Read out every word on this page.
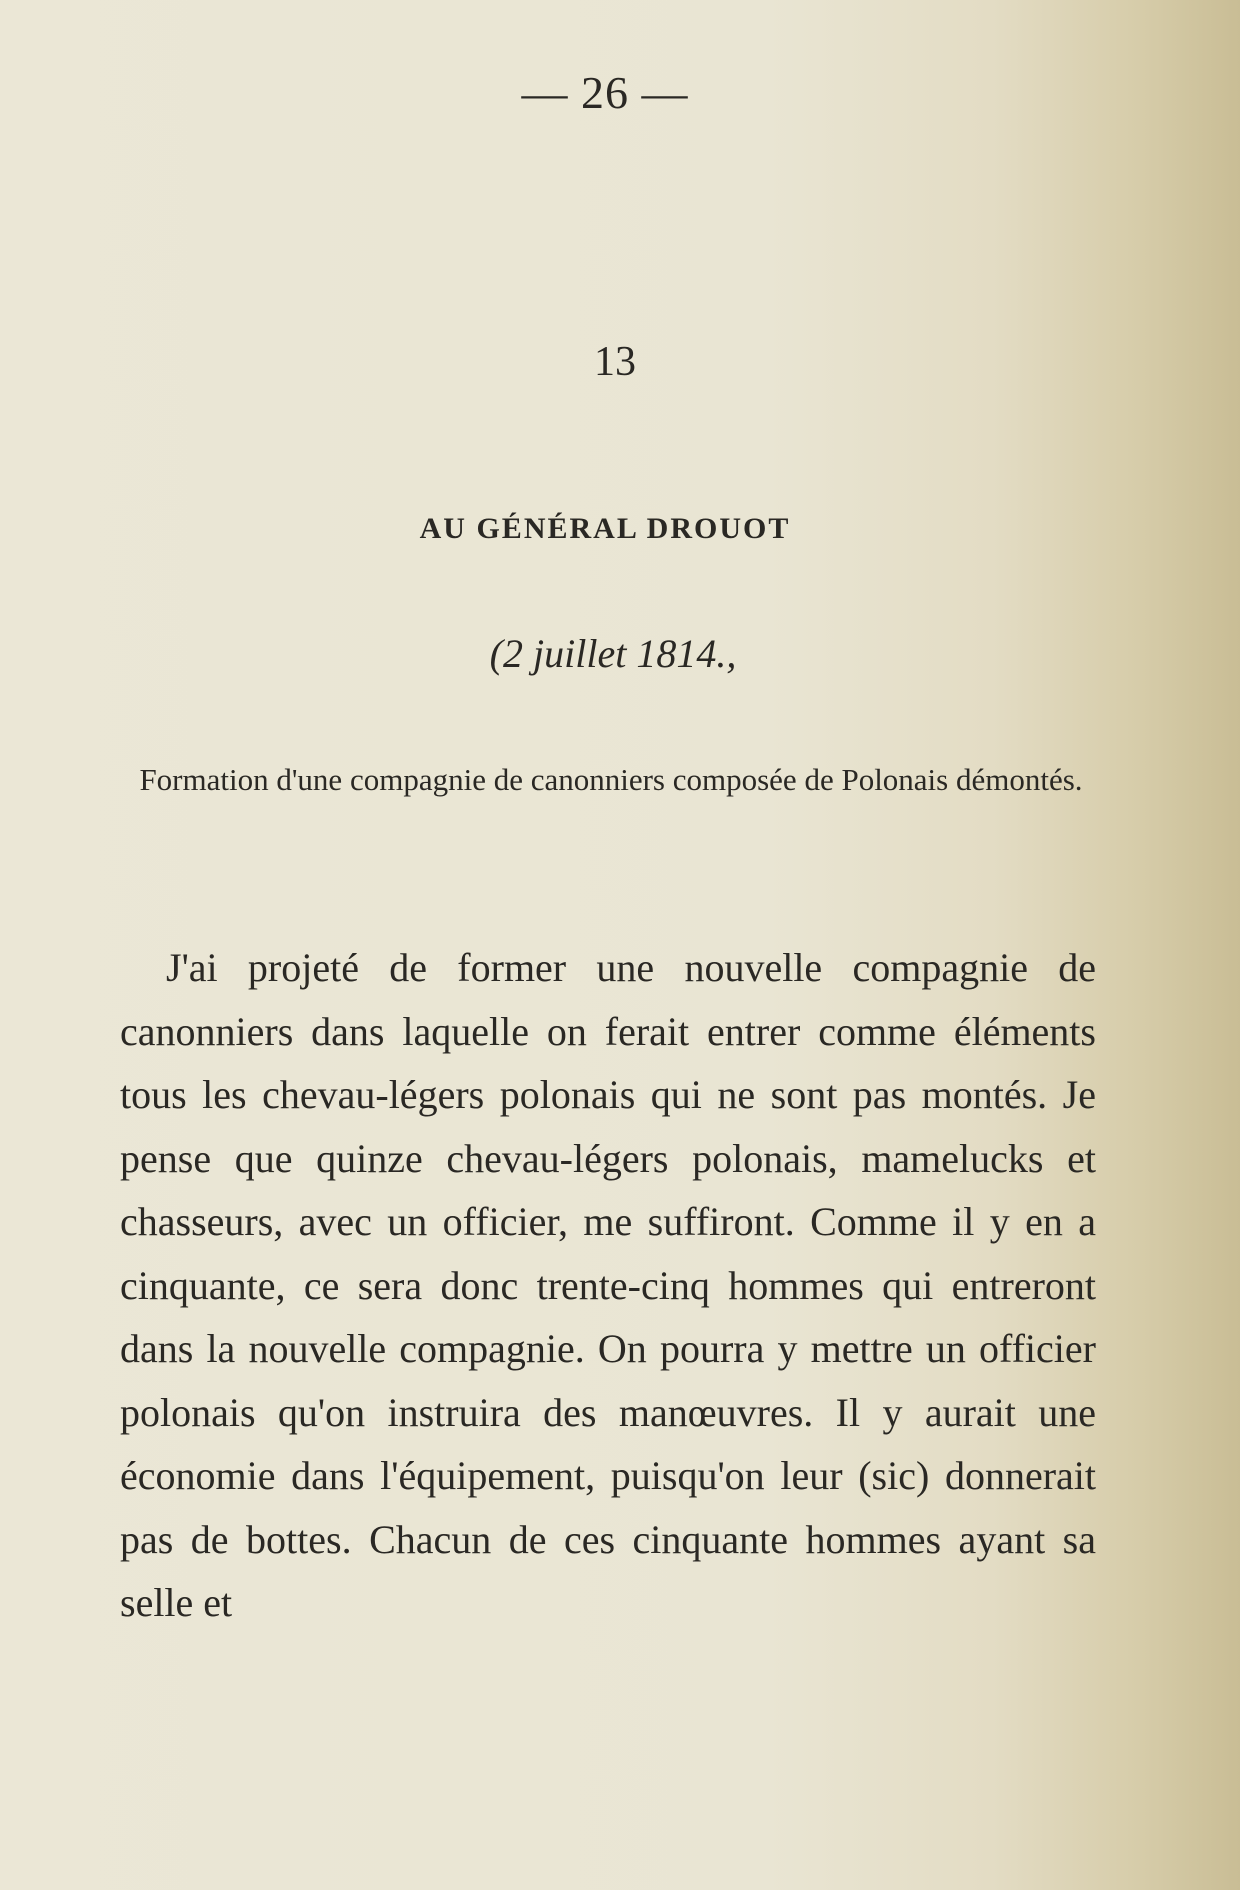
— 26 —
13
AU GÉNÉRAL DROUOT
(2 juillet 1814.,
Formation d'une compagnie de canonniers composée de Polonais démontés.

J'ai projeté de former une nouvelle compagnie de canonniers dans laquelle on ferait entrer comme éléments tous les chevau-légers polonais qui ne sont pas montés. Je pense que quinze chevau-légers polonais, mamelucks et chasseurs, avec un officier, me suffiront. Comme il y en a cinquante, ce sera donc trente-cinq hommes qui entreront dans la nouvelle compagnie. On pourra y mettre un officier polonais qu'on instruira des manœuvres. Il y aurait une économie dans l'équipement, puisqu'on leur (sic) donnerait pas de bottes. Chacun de ces cinquante hommes ayant sa selle et
